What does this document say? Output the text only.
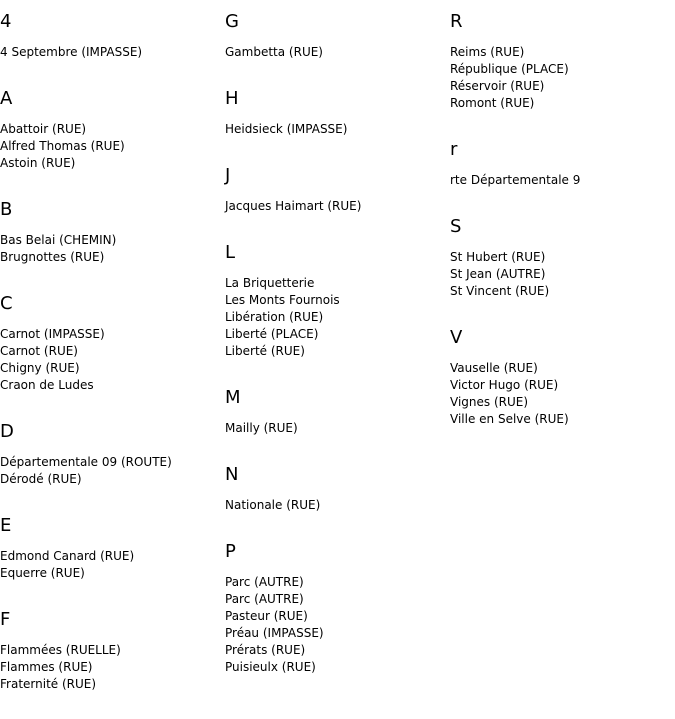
4
4 Septembre (IMPASSE)
A
Abattoir (RUE)
Alfred Thomas (RUE)
Astoin (RUE)
B
Bas Belai (CHEMIN)
Brugnottes (RUE)
C
Carnot (IMPASSE)
Carnot (RUE)
Chigny (RUE)
Craon de Ludes
D
Départementale 09 (ROUTE)
Dérodé (RUE)
E
Edmond Canard (RUE)
Equerre (RUE)
F
Flammées (RUELLE)
Flammes (RUE)
Fraternité (RUE)
G
Gambetta (RUE)
H
Heidsieck (IMPASSE)
J
Jacques Haimart (RUE)
L
La Briquetterie
Les Monts Fournois
Libération (RUE)
Liberté (PLACE)
Liberté (RUE)
M
Mailly (RUE)
N
Nationale (RUE)
P
Parc (AUTRE)
Parc (AUTRE)
Pasteur (RUE)
Préau (IMPASSE)
Prérats (RUE)
Puisieulx (RUE)
R
Reims (RUE)
République (PLACE)
Réservoir (RUE)
Romont (RUE)
r
rte Départementale 9
S
St Hubert (RUE)
St Jean (AUTRE)
St Vincent (RUE)
V
Vauselle (RUE)
Victor Hugo (RUE)
Vignes (RUE)
Ville en Selve (RUE)
